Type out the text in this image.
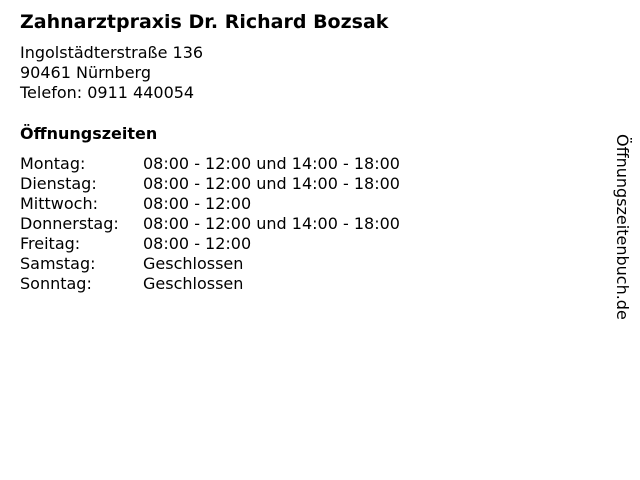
Zahnarztpraxis Dr. Richard Bozsak
Ingolstädterstraße 136
90461 Nürnberg
Telefon: 0911 440054
Öffnungszeiten
Montag:	08:00 - 12:00 und 14:00 - 18:00
Dienstag:	08:00 - 12:00 und 14:00 - 18:00
Mittwoch:	08:00 - 12:00
Donnerstag:	08:00 - 12:00 und 14:00 - 18:00
Freitag:	08:00 - 12:00
Samstag:	Geschlossen
Sonntag:	Geschlossen	Öffnungszeitenbuch.de
